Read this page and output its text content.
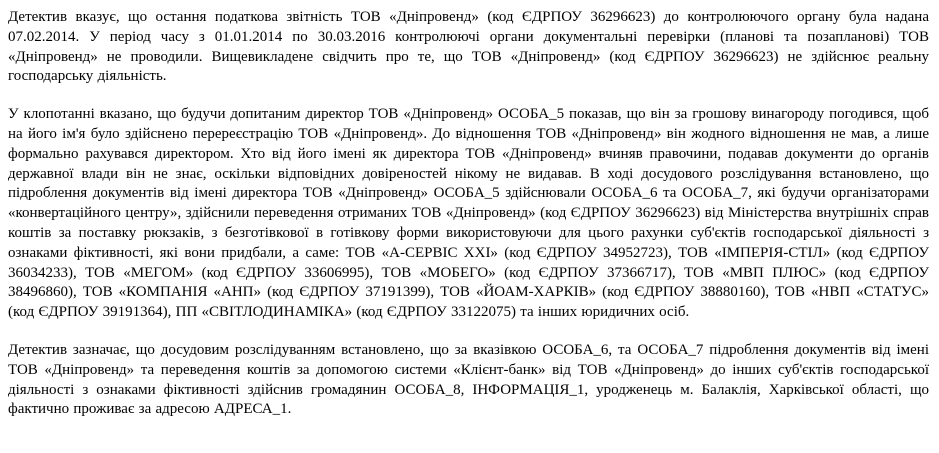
Детектив вказує, що остання податкова звітність ТОВ «Дніпровенд» (код ЄДРПОУ 36296623) до контролюючого органу була надана 07.02.2014. У період часу з 01.01.2014 по 30.03.2016 контролюючі органи документальні перевірки (планові та позапланові) ТОВ «Дніпровенд» не проводили. Вищевикладене свідчить про те, що ТОВ «Дніпровенд» (код ЄДРПОУ 36296623) не здійснює реальну господарську діяльність.

У клопотанні вказано, що будучи допитаним директор ТОВ «Дніпровенд» ОСОБА_5 показав, що він за грошову винагороду погодився, щоб на його ім'я було здійснено перереєстрацію ТОВ «Дніпровенд». До відношення ТОВ «Дніпровенд» він жодного відношення не мав, а лише формально рахувався директором. Хто від його імені як директора ТОВ «Дніпровенд» вчиняв правочини, подавав документи до органів державної влади він не знає, оскільки відповідних довіреностей нікому не видавав. В ході досудового розслідування встановлено, що підроблення документів від імені директора ТОВ «Дніпровенд» ОСОБА_5 здійснювали ОСОБА_6 та ОСОБА_7, які будучи організаторами «конвертаційного центру», здійснили переведення отриманих ТОВ «Дніпровенд» (код ЄДРПОУ 36296623) від Міністерства внутрішніх справ коштів за поставку рюкзаків, з безготівкової в готівкову форми використовуючи для цього рахунки суб'єктів господарської діяльності з ознаками фіктивності, які вони придбали, а саме: ТОВ «А-СЕРВІС ХХІ» (код ЄДРПОУ 34952723), ТОВ «ІМПЕРІЯ-СТІЛ» (код ЄДРПОУ 36034233), ТОВ «МЕГОМ» (код ЄДРПОУ 33606995), ТОВ «МОБЕГО» (код ЄДРПОУ 37366717), ТОВ «МВП ПЛЮС» (код ЄДРПОУ 38496860), ТОВ «КОМПАНІЯ «АНП» (код ЄДРПОУ 37191399), ТОВ «ЙОАМ-ХАРКІВ» (код ЄДРПОУ 38880160), ТОВ «НВП «СТАТУС» (код ЄДРПОУ 39191364), ПП «СВІТЛОДИНАМІКА» (код ЄДРПОУ 33122075) та інших юридичних осіб.

Детектив зазначає, що досудовим розслідуванням встановлено, що за вказівкою ОСОБА_6, та ОСОБА_7 підроблення документів від імені ТОВ «Дніпровенд» та переведення коштів за допомогою системи «Клієнт-банк» від ТОВ «Дніпровенд» до інших суб'єктів господарської діяльності з ознаками фіктивності здійснив громадянин ОСОБА_8, ІНФОРМАЦІЯ_1, уродженець м. Балаклія, Харківської області, що фактично проживає за адресою АДРЕСА_1.
